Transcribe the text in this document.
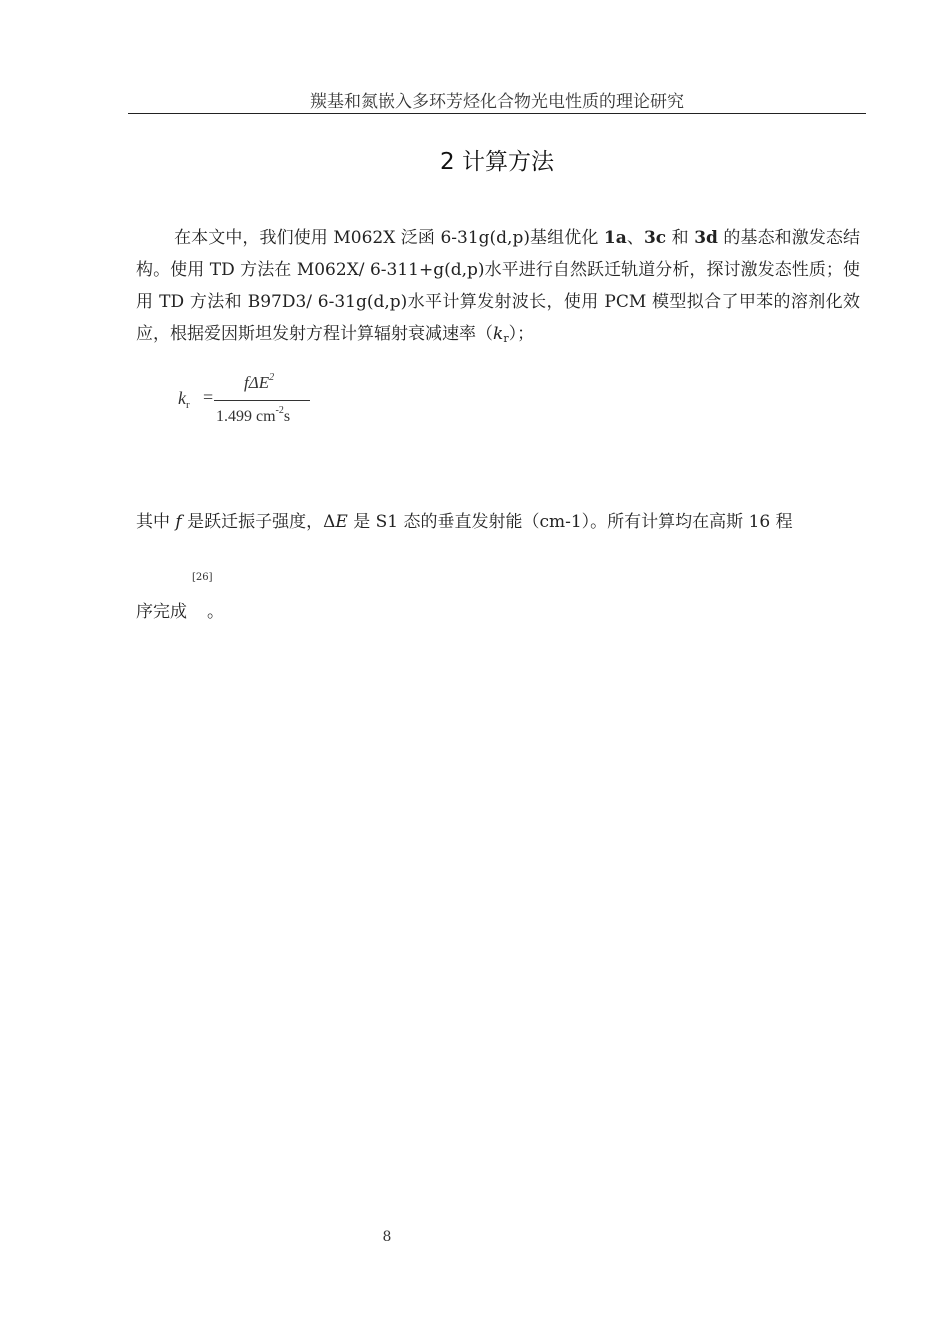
羰基和氮嵌入多环芳烃化合物光电性质的理论研究
2 计算方法
在本文中，我们使用 M062X 泛函 6-31g(d,p)基组优化 1a、3c 和 3d 的基态和激发态结构。使用 TD 方法在 M062X/ 6-311+g(d,p)水平进行自然跃迁轨道分析，探讨激发态性质；使用 TD 方法和 B97D3/ 6-31g(d,p)水平计算发射波长，使用 PCM 模型拟合了甲苯的溶剂化效应，根据爱因斯坦发射方程计算辐射衰减速率$(k_r)$；
$k_r$ =
fΔE$^2$
1.499 $cm^{-2}s$
其中 f 是跃迁振子强度，ΔE 是 S1 态的垂直发射能（cm-1）。所有计算均在高斯 16 程
[26]
序完成 。
8
